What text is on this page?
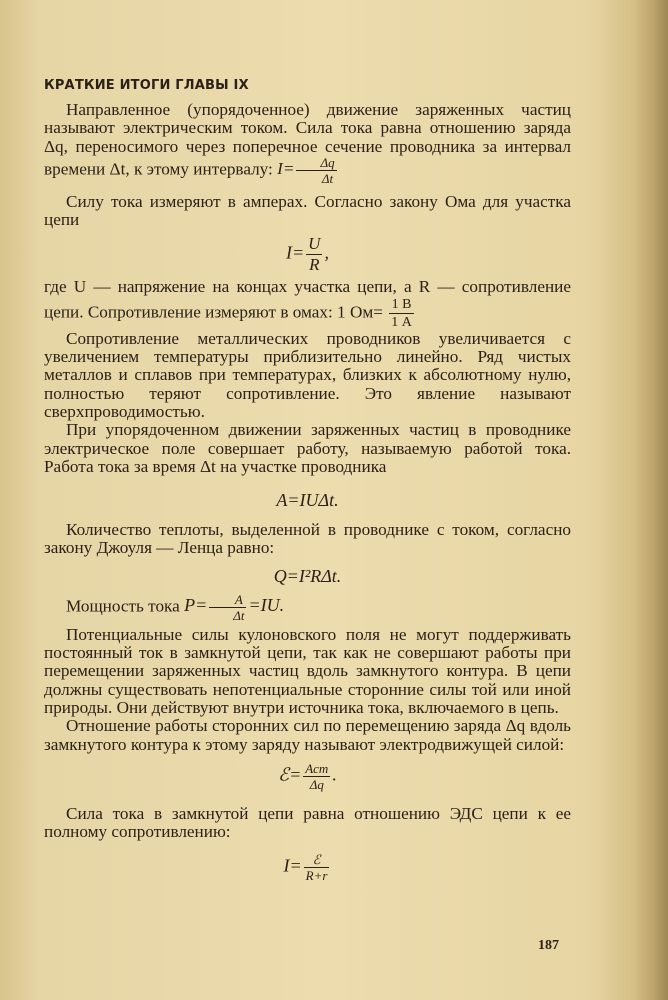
КРАТКИЕ ИТОГИ ГЛАВЫ IX

Направленное (упорядоченное) движение заряженных частиц называют электрическим током. Сила тока равна отношению заряда Δq, переносимого через поперечное сечение проводника за интервал времени Δt, к этому интервалу: $I= \frac{\Delta q}{\Delta t}$

Силу тока измеряют в амперах. Согласно закону Ома для участка цепи

$I= \frac{U}{R}$ ,

где U — напряжение на концах участка цепи, а R — сопротивление цепи. Сопротивление измеряют в омах: 1 $Ом= \frac{1 В}{1 А}$

Сопротивление металлических проводников увеличивается с увеличением температуры приблизительно линейно. Ряд чистых металлов и сплавов при температурах, близких к абсолютному нулю, полностью теряют сопротивление. Это явление называют сверхпроводимостью.

При упорядоченном движении заряженных частиц в проводнике электрическое поле совершает работу, называемую работой тока. Работа тока за время Δt на участке проводника

A=IUΔt.

Количество теплоты, выделенной в проводнике с током, согласно закону Джоуля — Ленца равно:

Q=I²RΔt.

Мощность тока $P= \frac{A}{\Delta t} =IU$.

Потенциальные силы кулоновского поля не могут поддерживать постоянный ток в замкнутой цепи, так как не совершают работы при перемещении заряженных частиц вдоль замкнутого контура. В цепи должны существовать непотенциальные сторонние силы той или иной природы. Они действуют внутри источника тока, включаемого в цепь.

Отношение работы сторонних сил по перемещению заряда Δq вдоль замкнутого контура к этому заряду называют электродвижущей силой:

ℰ= $\frac{\text{Aст}}{\Delta q}$ .

Сила тока в замкнутой цепи равна отношению ЭДС цепи к ее полному сопротивлению:

$I= \frac{\text{ℰ}}{R+r}$
187
